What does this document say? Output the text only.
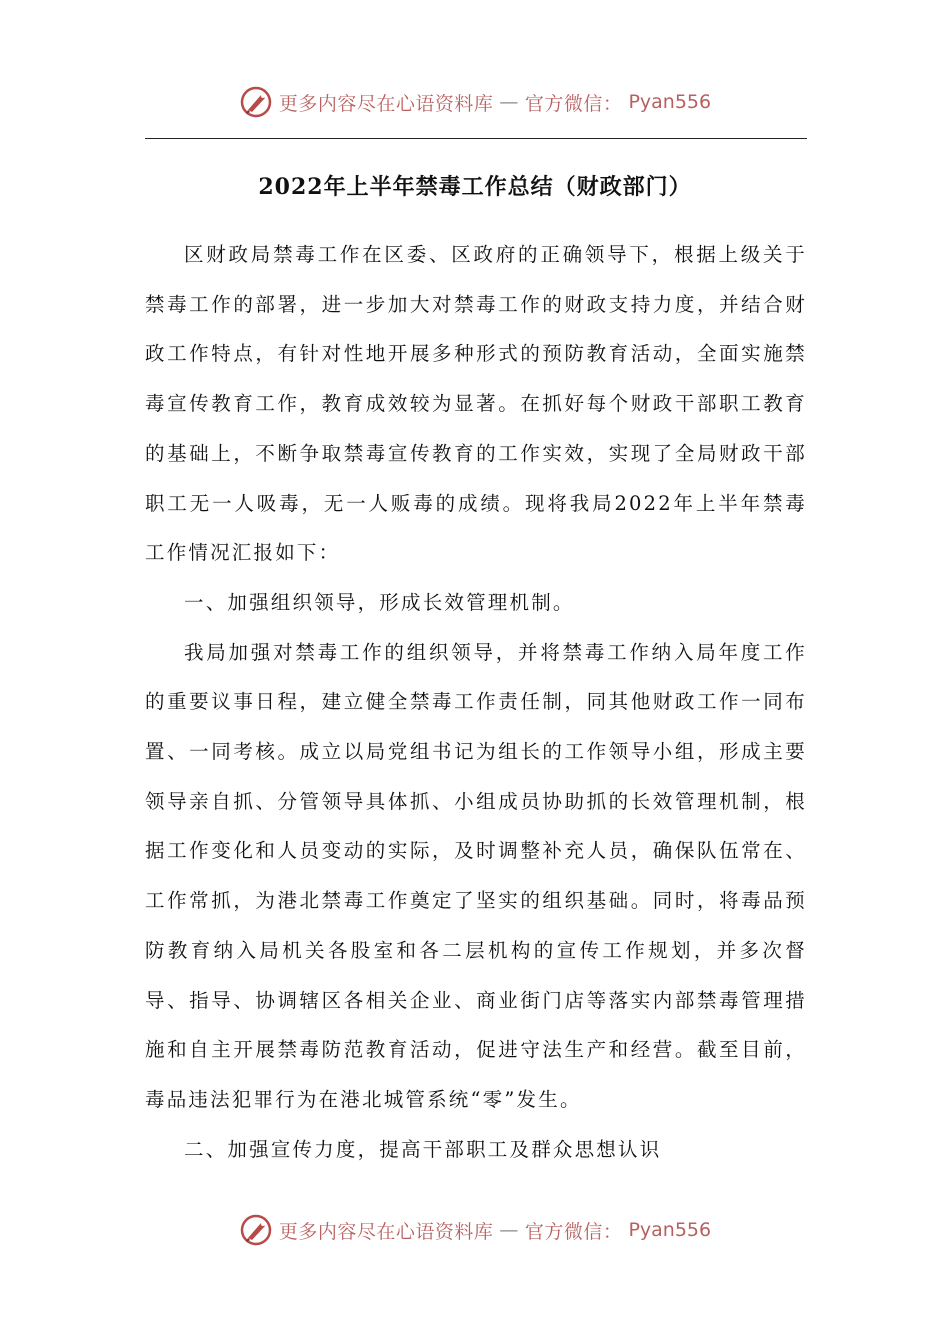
更多内容尽在心语资料库 — 官方微信： Pyan556
2022年上半年禁毒工作总结（财政部门）

区财政局禁毒工作在区委、区政府的正确领导下，根据上级关于禁毒工作的部署，进一步加大对禁毒工作的财政支持力度，并结合财政工作特点，有针对性地开展多种形式的预防教育活动，全面实施禁毒宣传教育工作，教育成效较为显著。在抓好每个财政干部职工教育的基础上，不断争取禁毒宣传教育的工作实效，实现了全局财政干部职工无一人吸毒，无一人贩毒的成绩。现将我局2022年上半年禁毒工作情况汇报如下：

一、加强组织领导，形成长效管理机制。

我局加强对禁毒工作的组织领导，并将禁毒工作纳入局年度工作的重要议事日程，建立健全禁毒工作责任制，同其他财政工作一同布置、一同考核。成立以局党组书记为组长的工作领导小组，形成主要领导亲自抓、分管领导具体抓、小组成员协助抓的长效管理机制，根据工作变化和人员变动的实际，及时调整补充人员，确保队伍常在、工作常抓，为港北禁毒工作奠定了坚实的组织基础。同时，将毒品预防教育纳入局机关各股室和各二层机构的宣传工作规划，并多次督导、指导、协调辖区各相关企业、商业街门店等落实内部禁毒管理措施和自主开展禁毒防范教育活动，促进守法生产和经营。截至目前，毒品违法犯罪行为在港北城管系统“零”发生。

二、加强宣传力度，提高干部职工及群众思想认识

更多内容尽在心语资料库 — 官方微信： Pyan556
